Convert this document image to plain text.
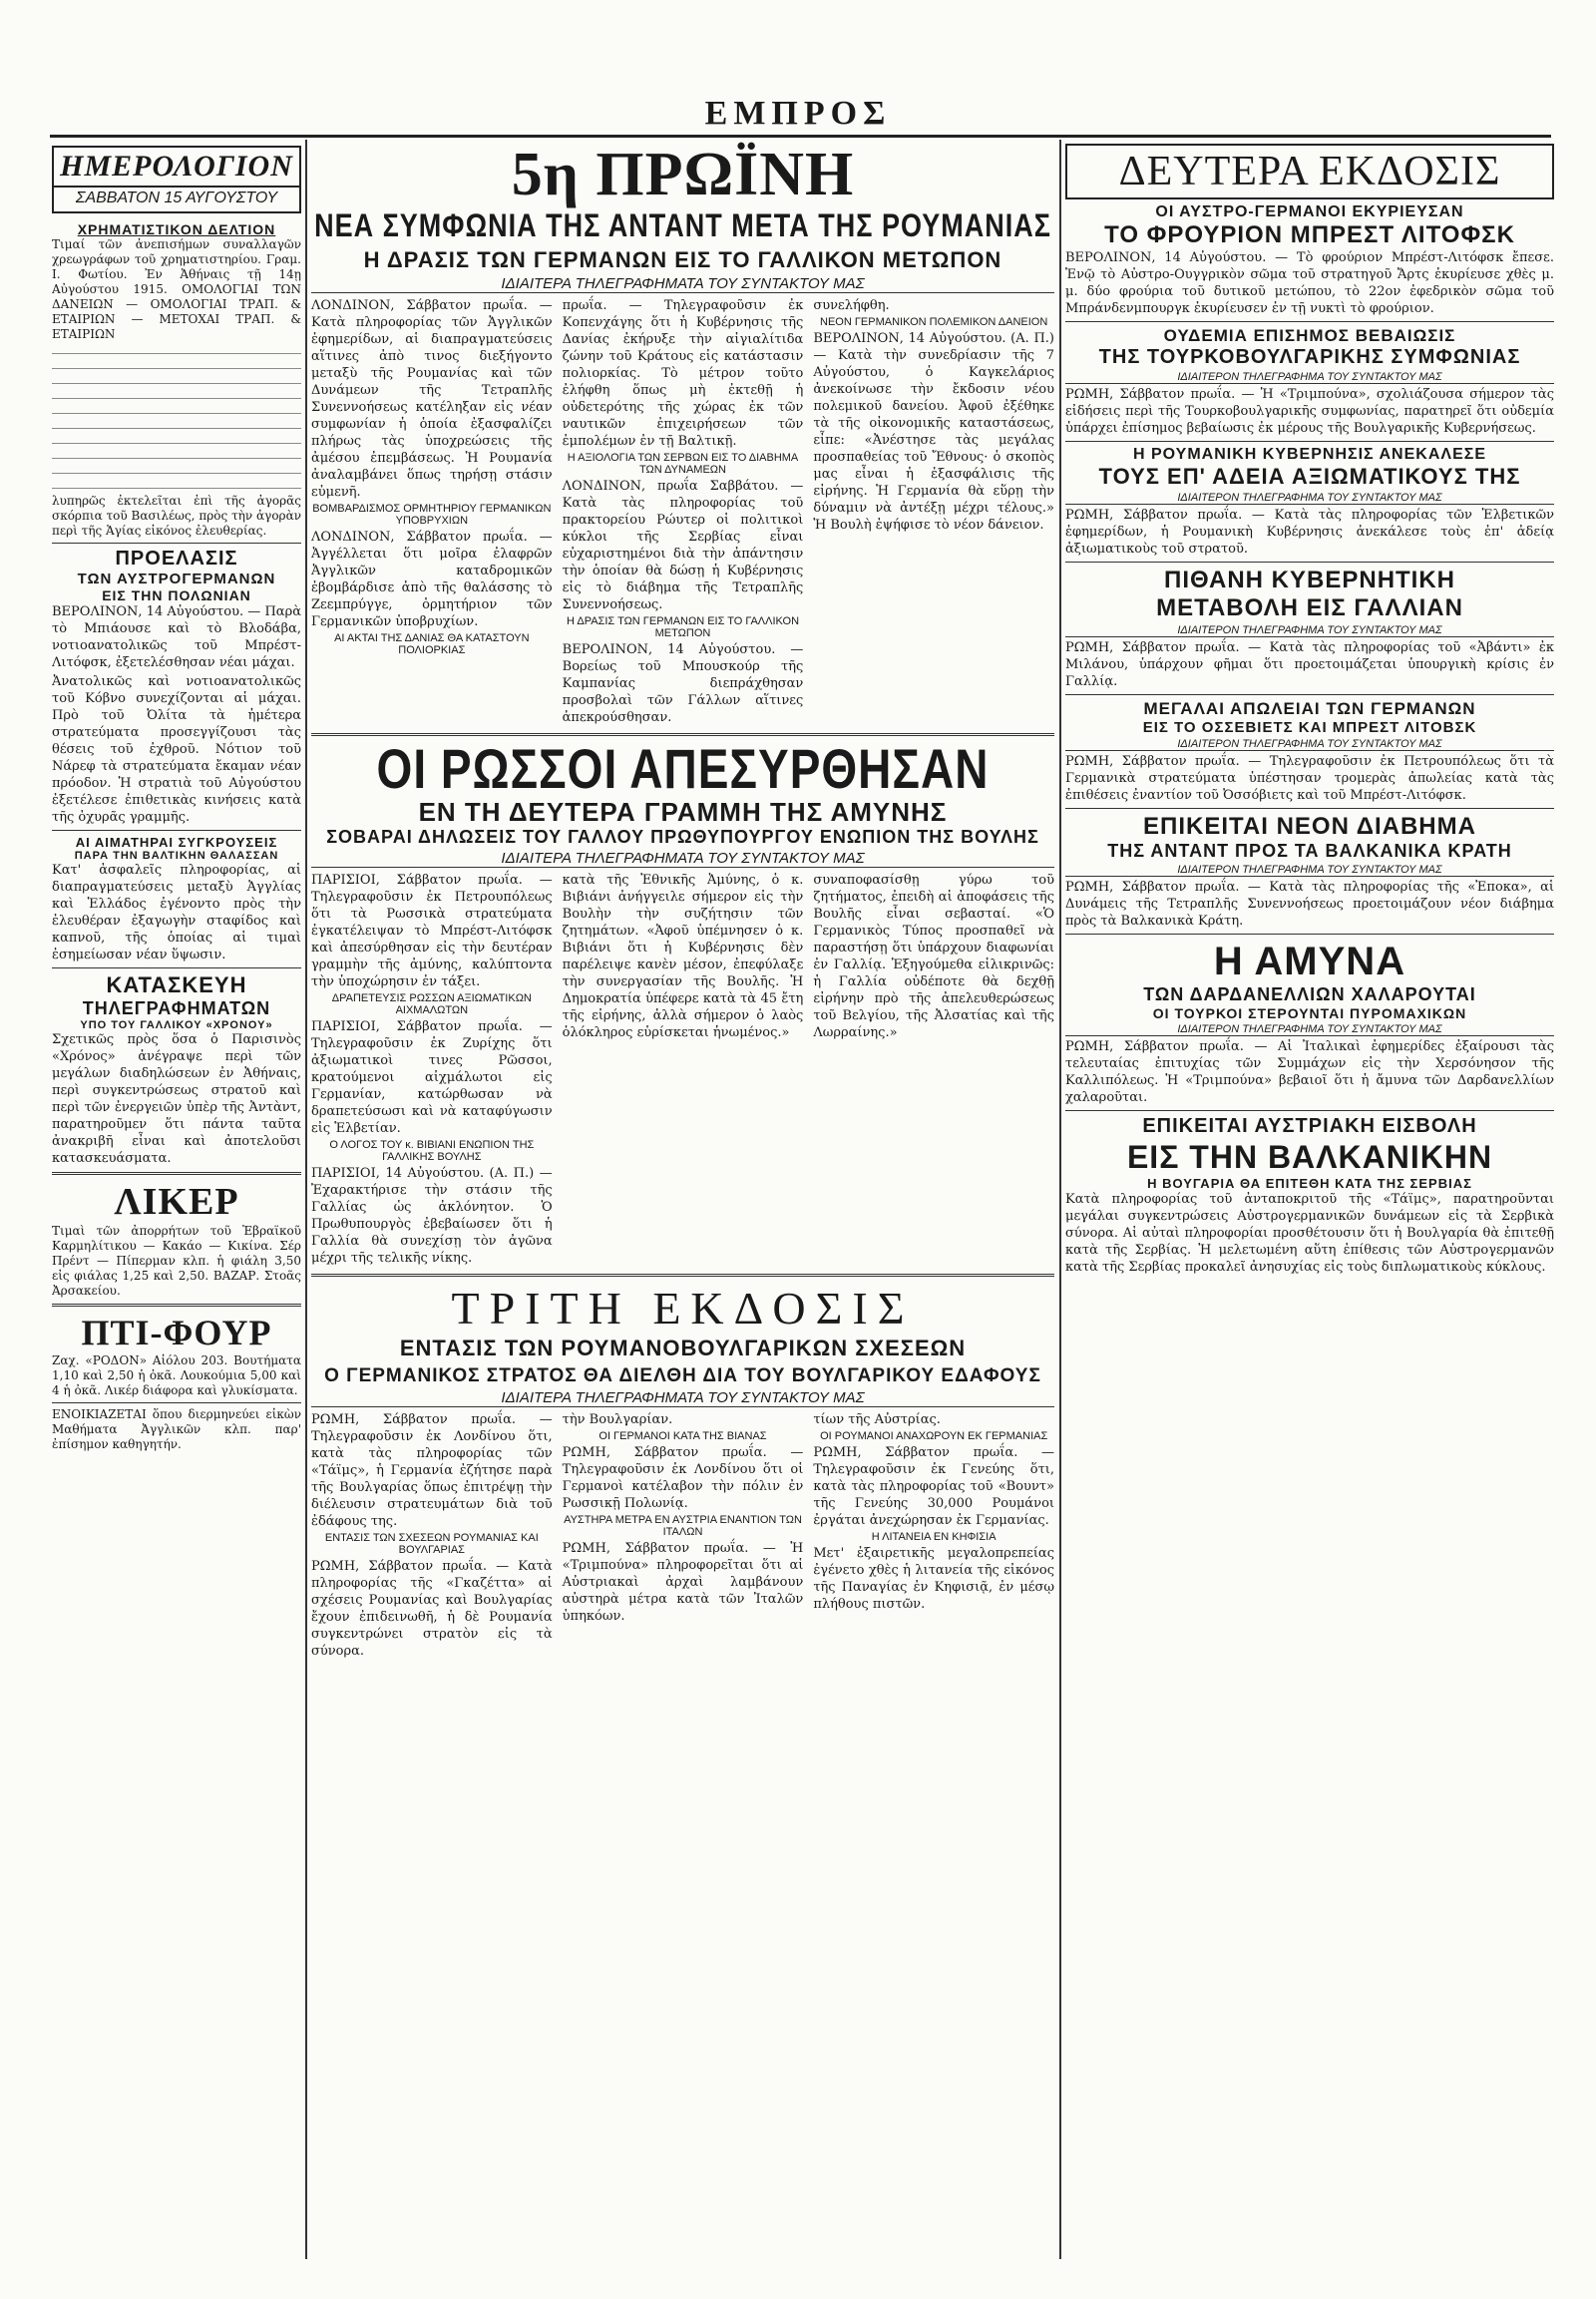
ΕΜΠΡΟΣ
ΗΜΕΡΟΛΟΓΙΟΝ
ΣΑΒΒΑΤΟΝ 15 ΑΥΓΟΥΣΤΟΥ
ΧΡΗΜΑΤΙΣΤΙΚΟΝ ΔΕΛΤΙΟΝ

Τιμαί τῶν ἀνεπισήμων συναλλαγῶν χρεωγράφων τοῦ χρηματιστηρίου. Γραμ. Ι. Φωτίου. Ἐν Ἀθήναις τῇ 14ῃ Αὐγούστου 1915. ΟΜΟΛΟΓΙΑΙ ΤΩΝ ΔΑΝΕΙΩΝ — ΟΜΟΛΟΓΙΑΙ ΤΡΑΠ. & ΕΤΑΙΡΙΩΝ — ΜΕΤΟΧΑΙ ΤΡΑΠ. & ΕΤΑΙΡΙΩΝ

λυπηρῶς ἐκτελεῖται ἐπὶ τῆς ἀγορᾶς σκόρπια τοῦ Βασιλέως, πρὸς τὴν ἀγορὰν περὶ τῆς Ἁγίας εἰκόνος ἐλευθερίας.

ΠΡΟΕΛΑΣΙΣ
ΤΩΝ ΑΥΣΤΡΟΓΕΡΜΑΝΩΝ
ΕΙΣ ΤΗΝ ΠΟΛΩΝΙΑΝ

ΒΕΡΟΛΙΝΟΝ, 14 Αὐγούστου. — Παρὰ τὸ Μπιάουσε καὶ τὸ Βλοδάβα, νοτιοανατολικῶς τοῦ Μπρέστ-Λιτόφσκ, ἐξετελέσθησαν νέαι μάχαι.

Ἀνατολικῶς καὶ νοτιοανατολικῶς τοῦ Κόβνο συνεχίζονται αἱ μάχαι. Πρὸ τοῦ Ὀλίτα τὰ ἡμέτερα στρατεύματα προσεγγίζουσι τὰς θέσεις τοῦ ἐχθροῦ. Νότιον τοῦ Νάρεφ τὰ στρατεύματα ἔκαμαν νέαν πρόοδον. Ἡ στρατιὰ τοῦ Αὐγούστου ἐξετέλεσε ἐπιθετικὰς κινήσεις κατὰ τῆς ὀχυρᾶς γραμμῆς.

ΑΙ ΑΙΜΑΤΗΡΑΙ ΣΥΓΚΡΟΥΣΕΙΣ
ΠΑΡΑ ΤΗΝ ΒΑΛΤΙΚΗΝ ΘΑΛΑΣΣΑΝ

Κατ' ἀσφαλεῖς πληροφορίας, αἱ διαπραγματεύσεις μεταξὺ Ἀγγλίας καὶ Ἑλλάδος ἐγένοντο πρὸς τὴν ἐλευθέραν ἐξαγωγὴν σταφίδος καὶ καπνοῦ, τῆς ὁποίας αἱ τιμαὶ ἐσημείωσαν νέαν ὕψωσιν.

ΚΑΤΑΣΚΕΥΗ
ΤΗΛΕΓΡΑΦΗΜΑΤΩΝ
ΥΠΟ ΤΟΥ ΓΑΛΛΙΚΟΥ «ΧΡΟΝΟΥ»

Σχετικῶς πρὸς ὅσα ὁ Παρισινὸς «Χρόνος» ἀνέγραψε περὶ τῶν μεγάλων διαδηλώσεων ἐν Ἀθήναις, περὶ συγκεντρώσεως στρατοῦ καὶ περὶ τῶν ἐνεργειῶν ὑπὲρ τῆς Ἀντὰντ, παρατηροῦμεν ὅτι πάντα ταῦτα ἀνακριβῆ εἶναι καὶ ἀποτελοῦσι κατασκευάσματα.

ΛΙΚΕΡ

Τιμαὶ τῶν ἀπορρήτων τοῦ Ἑβραϊκοῦ Καρμηλίτικου — Κακάο — Κικίνα. Σέρ Πρέντ — Πίπερμαν κλπ. ἡ φιάλη 3,50 εἰς φιάλας 1,25 καὶ 2,50. ΒΑΖΑΡ. Στοᾶς Ἀρσακείου.

ΠΤΙ-ΦΟΥΡ

Ζαχ. «ΡΟΔΟΝ» Αἰόλου 203. Βουτήματα 1,10 καὶ 2,50 ἡ ὀκᾶ. Λουκούμια 5,00 καὶ 4 ἡ ὀκᾶ. Λικέρ διάφορα καὶ γλυκίσματα.

ΕΝΟΙΚΙΑΖΕΤΑΙ ὅπου διερμηνεύει εἰκὼν Μαθήματα Ἀγγλικῶν κλπ. παρ' ἐπίσημον καθηγητήν.

5η ΠΡΩΪΝΗ
ΝΕΑ ΣΥΜΦΩΝΙΑ ΤΗΣ ΑΝΤΑΝΤ ΜΕΤΑ ΤΗΣ ΡΟΥΜΑΝΙΑΣ
Η ΔΡΑΣΙΣ ΤΩΝ ΓΕΡΜΑΝΩΝ ΕΙΣ ΤΟ ΓΑΛΛΙΚΟΝ ΜΕΤΩΠΟΝ
ΙΔΙΑΙΤΕΡΑ ΤΗΛΕΓΡΑΦΗΜΑΤΑ ΤΟΥ ΣΥΝΤΑΚΤΟΥ ΜΑΣ

ΛΟΝΔΙΝΟΝ, Σάββατον πρωΐα. — Κατὰ πληροφορίας τῶν Ἀγγλικῶν ἐφημερίδων, αἱ διαπραγματεύσεις αἵτινες ἀπὸ τινος διεξήγοντο μεταξὺ τῆς Ρουμανίας καὶ τῶν Δυνάμεων τῆς Τετραπλῆς Συνεννοήσεως κατέληξαν εἰς νέαν συμφωνίαν ἡ ὁποία ἐξασφαλίζει πλήρως τὰς ὑποχρεώσεις τῆς ἀμέσου ἐπεμβάσεως. Ἡ Ρουμανία ἀναλαμβάνει ὅπως τηρήσῃ στάσιν εὐμενῆ.

ΒΟΜΒΑΡΔΙΣΜΟΣ ΟΡΜΗΤΗΡΙΟΥ ΓΕΡΜΑΝΙΚΩΝ ΥΠΟΒΡΥΧΙΩΝ

ΛΟΝΔΙΝΟΝ, Σάββατον πρωΐα. — Ἀγγέλλεται ὅτι μοῖρα ἐλαφρῶν Ἀγγλικῶν καταδρομικῶν ἐβομβάρδισε ἀπὸ τῆς θαλάσσης τὸ Ζεεμπρύγγε, ὁρμητήριον τῶν Γερμανικῶν ὑποβρυχίων.

ΑΙ ΑΚΤΑΙ ΤΗΣ ΔΑΝΙΑΣ ΘΑ ΚΑΤΑΣΤΟΥΝ ΠΟΛΙΟΡΚΙΑΣ

πρωΐα. — Τηλεγραφοῦσιν ἐκ Κοπενχάγης ὅτι ἡ Κυβέρνησις τῆς Δανίας ἐκήρυξε τὴν αἰγιαλίτιδα ζώνην τοῦ Κράτους εἰς κατάστασιν πολιορκίας. Τὸ μέτρον τοῦτο ἐλήφθη ὅπως μὴ ἐκτεθῇ ἡ οὐδετερότης τῆς χώρας ἐκ τῶν ναυτικῶν ἐπιχειρήσεων τῶν ἐμπολέμων ἐν τῇ Βαλτικῇ.

Η ΑΞΙΟΛΟΓΙΑ ΤΩΝ ΣΕΡΒΩΝ ΕΙΣ ΤΟ ΔΙΑΒΗΜΑ ΤΩΝ ΔΥΝΑΜΕΩΝ

ΛΟΝΔΙΝΟΝ, πρωΐα Σαββάτου. — Κατὰ τὰς πληροφορίας τοῦ πρακτορείου Ρώυτερ οἱ πολιτικοὶ κύκλοι τῆς Σερβίας εἶναι εὐχαριστημένοι διὰ τὴν ἀπάντησιν τὴν ὁποίαν θὰ δώσῃ ἡ Κυβέρνησις εἰς τὸ διάβημα τῆς Τετραπλῆς Συνεννοήσεως.

Η ΔΡΑΣΙΣ ΤΩΝ ΓΕΡΜΑΝΩΝ ΕΙΣ ΤΟ ΓΑΛΛΙΚΟΝ ΜΕΤΩΠΟΝ

ΒΕΡΟΛΙΝΟΝ, 14 Αὐγούστου. — Βορείως τοῦ Μπουσκούρ τῆς Καμπανίας διεπράχθησαν προσβολαὶ τῶν Γάλλων αἵτινες ἀπεκρούσθησαν.

συνελήφθη.

ΝΕΟΝ ΓΕΡΜΑΝΙΚΟΝ ΠΟΛΕΜΙΚΟΝ ΔΑΝΕΙΟΝ

ΒΕΡΟΛΙΝΟΝ, 14 Αὐγούστου. (Α. Π.) — Κατὰ τὴν συνεδρίασιν τῆς 7 Αὐγούστου, ὁ Καγκελάριος ἀνεκοίνωσε τὴν ἔκδοσιν νέου πολεμικοῦ δανείου. Ἀφοῦ ἐξέθηκε τὰ τῆς οἰκονομικῆς καταστάσεως, εἶπε: «Ἀνέστησε τὰς μεγάλας προσπαθείας τοῦ Ἔθνους· ὁ σκοπὸς μας εἶναι ἡ ἐξασφάλισις τῆς εἰρήνης. Ἡ Γερμανία θὰ εὕρῃ τὴν δύναμιν νὰ ἀντέξῃ μέχρι τέλους.» Ἡ Βουλὴ ἐψήφισε τὸ νέον δάνειον.

ΟΙ ΡΩΣΣΟΙ ΑΠΕΣΥΡΘΗΣΑΝ
ΕΝ ΤΗ ΔΕΥΤΕΡΑ ΓΡΑΜΜΗ ΤΗΣ ΑΜΥΝΗΣ
ΣΟΒΑΡΑΙ ΔΗΛΩΣΕΙΣ ΤΟΥ ΓΑΛΛΟΥ ΠΡΩΘΥΠΟΥΡΓΟΥ ΕΝΩΠΙΟΝ ΤΗΣ ΒΟΥΛΗΣ
ΙΔΙΑΙΤΕΡΑ ΤΗΛΕΓΡΑΦΗΜΑΤΑ ΤΟΥ ΣΥΝΤΑΚΤΟΥ ΜΑΣ

ΠΑΡΙΣΙΟΙ, Σάββατον πρωΐα. — Τηλεγραφοῦσιν ἐκ Πετρουπόλεως ὅτι τὰ Ρωσσικὰ στρατεύματα ἐγκατέλειψαν τὸ Μπρέστ-Λιτόφσκ καὶ ἀπεσύρθησαν εἰς τὴν δευτέραν γραμμὴν τῆς ἀμύνης, καλύπτοντα τὴν ὑποχώρησιν ἐν τάξει.

ΔΡΑΠΕΤΕΥΣΙΣ ΡΩΣΣΩΝ ΑΞΙΩΜΑΤΙΚΩΝ ΑΙΧΜΑΛΩΤΩΝ

ΠΑΡΙΣΙΟΙ, Σάββατον πρωΐα. — Τηλεγραφοῦσιν ἐκ Ζυρίχης ὅτι ἀξιωματικοὶ τινες Ρῶσσοι, κρατούμενοι αἰχμάλωτοι εἰς Γερμανίαν, κατώρθωσαν νὰ δραπετεύσωσι καὶ νὰ καταφύγωσιν εἰς Ἑλβετίαν.

Ο ΛΟΓΟΣ ΤΟΥ κ. ΒΙΒΙΑΝΙ ΕΝΩΠΙΟΝ ΤΗΣ ΓΑΛΛΙΚΗΣ ΒΟΥΛΗΣ

ΠΑΡΙΣΙΟΙ, 14 Αὐγούστου. (Α. Π.) — Ἐχαρακτήρισε τὴν στάσιν τῆς Γαλλίας ὡς ἀκλόνητον. Ὁ Πρωθυπουργὸς ἐβεβαίωσεν ὅτι ἡ Γαλλία θὰ συνεχίσῃ τὸν ἀγῶνα μέχρι τῆς τελικῆς νίκης.

κατὰ τῆς Ἐθνικῆς Ἀμύνης, ὁ κ. Βιβιάνι ἀνήγγειλε σήμερον εἰς τὴν Βουλὴν τὴν συζήτησιν τῶν ζητημάτων. «Ἀφοῦ ὑπέμνησεν ὁ κ. Βιβιάνι ὅτι ἡ Κυβέρνησις δὲν παρέλειψε κανὲν μέσον, ἐπεφύλαξε τὴν συνεργασίαν τῆς Βουλῆς. Ἡ Δημοκρατία ὑπέφερε κατὰ τὰ 45 ἔτη τῆς εἰρήνης, ἀλλὰ σήμερον ὁ λαὸς ὁλόκληρος εὑρίσκεται ἡνωμένος.»

συναποφασίσθῃ γύρω τοῦ ζητήματος, ἐπειδὴ αἱ ἀποφάσεις τῆς Βουλῆς εἶναι σεβασταί. «Ὁ Γερμανικὸς Τύπος προσπαθεῖ νὰ παραστήσῃ ὅτι ὑπάρχουν διαφωνίαι ἐν Γαλλίᾳ. Ἐξηγούμεθα εἰλικρινῶς: ἡ Γαλλία οὐδέποτε θὰ δεχθῇ εἰρήνην πρὸ τῆς ἀπελευθερώσεως τοῦ Βελγίου, τῆς Ἀλσατίας καὶ τῆς Λωρραίνης.»

ΤΡΙΤΗ ΕΚΔΟΣΙΣ
ΕΝΤΑΣΙΣ ΤΩΝ ΡΟΥΜΑΝΟΒΟΥΛΓΑΡΙΚΩΝ ΣΧΕΣΕΩΝ
Ο ΓΕΡΜΑΝΙΚΟΣ ΣΤΡΑΤΟΣ ΘΑ ΔΙΕΛΘΗ ΔΙΑ ΤΟΥ ΒΟΥΛΓΑΡΙΚΟΥ ΕΔΑΦΟΥΣ
ΙΔΙΑΙΤΕΡΑ ΤΗΛΕΓΡΑΦΗΜΑΤΑ ΤΟΥ ΣΥΝΤΑΚΤΟΥ ΜΑΣ

ΡΩΜΗ, Σάββατον πρωΐα. — Τηλεγραφοῦσιν ἐκ Λονδίνου ὅτι, κατὰ τὰς πληροφορίας τῶν «Τάϊμς», ἡ Γερμανία ἐζήτησε παρὰ τῆς Βουλγαρίας ὅπως ἐπιτρέψῃ τὴν διέλευσιν στρατευμάτων διὰ τοῦ ἐδάφους της.

ΕΝΤΑΣΙΣ ΤΩΝ ΣΧΕΣΕΩΝ ΡΟΥΜΑΝΙΑΣ ΚΑΙ ΒΟΥΛΓΑΡΙΑΣ

ΡΩΜΗ, Σάββατον πρωΐα. — Κατὰ πληροφορίας τῆς «Γκαζέττα» αἱ σχέσεις Ρουμανίας καὶ Βουλγαρίας ἔχουν ἐπιδεινωθῆ, ἡ δὲ Ρουμανία συγκεντρώνει στρατὸν εἰς τὰ σύνορα.

τὴν Βουλγαρίαν.

ΟΙ ΓΕΡΜΑΝΟΙ ΚΑΤΑ ΤΗΣ ΒΙΑΝΑΣ

ΡΩΜΗ, Σάββατον πρωΐα. — Τηλεγραφοῦσιν ἐκ Λονδίνου ὅτι οἱ Γερμανοὶ κατέλαβον τὴν πόλιν ἐν Ρωσσικῇ Πολωνίᾳ.

ΑΥΣΤΗΡΑ ΜΕΤΡΑ ΕΝ ΑΥΣΤΡΙΑ ΕΝΑΝΤΙΟΝ ΤΩΝ ΙΤΑΛΩΝ

ΡΩΜΗ, Σάββατον πρωΐα. — Ἡ «Τριμπούνα» πληροφορεῖται ὅτι αἱ Αὐστριακαὶ ἀρχαὶ λαμβάνουν αὐστηρὰ μέτρα κατὰ τῶν Ἰταλῶν ὑπηκόων.

τίων τῆς Αὐστρίας.

ΟΙ ΡΟΥΜΑΝΟΙ ΑΝΑΧΩΡΟΥΝ ΕΚ ΓΕΡΜΑΝΙΑΣ

ΡΩΜΗ, Σάββατον πρωΐα. — Τηλεγραφοῦσιν ἐκ Γενεύης ὅτι, κατὰ τὰς πληροφορίας τοῦ «Βουντ» τῆς Γενεύης 30,000 Ρουμάνοι ἐργάται ἀνεχώρησαν ἐκ Γερμανίας.

Η ΛΙΤΑΝΕΙΑ ΕΝ ΚΗΦΙΣΙΑ

Μετ' ἐξαιρετικῆς μεγαλοπρεπείας ἐγένετο χθὲς ἡ λιτανεία τῆς εἰκόνος τῆς Παναγίας ἐν Κηφισιᾷ, ἐν μέσῳ πλήθους πιστῶν.

ΔΕΥΤΕΡΑ ΕΚΔΟΣΙΣ
ΟΙ ΑΥΣΤΡΟ-ΓΕΡΜΑΝΟΙ ΕΚΥΡΙΕΥΣΑΝ
ΤΟ ΦΡΟΥΡΙΟΝ ΜΠΡΕΣΤ ΛΙΤΟΦΣΚ

ΒΕΡΟΛΙΝΟΝ, 14 Αὐγούστου. — Τὸ φρούριον Μπρέστ-Λιτόφσκ ἔπεσε. Ἐνῷ τὸ Αὐστρο-Ουγγρικὸν σῶμα τοῦ στρατηγοῦ Ἄρτς ἐκυρίευσε χθὲς μ. μ. δύο φρούρια τοῦ δυτικοῦ μετώπου, τὸ 22ον ἐφεδρικὸν σῶμα τοῦ Μπράνδενμπουργκ ἐκυρίευσεν ἐν τῇ νυκτὶ τὸ φρούριον.

ΟΥΔΕΜΙΑ ΕΠΙΣΗΜΟΣ ΒΕΒΑΙΩΣΙΣ
ΤΗΣ ΤΟΥΡΚΟΒΟΥΛΓΑΡΙΚΗΣ ΣΥΜΦΩΝΙΑΣ
ΙΔΙΑΙΤΕΡΟΝ ΤΗΛΕΓΡΑΦΗΜΑ ΤΟΥ ΣΥΝΤΑΚΤΟΥ ΜΑΣ

ΡΩΜΗ, Σάββατον πρωΐα. — Ἡ «Τριμπούνα», σχολιάζουσα σήμερον τὰς εἰδήσεις περὶ τῆς Τουρκοβουλγαρικῆς συμφωνίας, παρατηρεῖ ὅτι οὐδεμία ὑπάρχει ἐπίσημος βεβαίωσις ἐκ μέρους τῆς Βουλγαρικῆς Κυβερνήσεως.

Η ΡΟΥΜΑΝΙΚΗ ΚΥΒΕΡΝΗΣΙΣ ΑΝΕΚΑΛΕΣΕ
ΤΟΥΣ ΕΠ' ΑΔΕΙΑ ΑΞΙΩΜΑΤΙΚΟΥΣ ΤΗΣ
ΙΔΙΑΙΤΕΡΟΝ ΤΗΛΕΓΡΑΦΗΜΑ ΤΟΥ ΣΥΝΤΑΚΤΟΥ ΜΑΣ

ΡΩΜΗ, Σάββατον πρωΐα. — Κατὰ τὰς πληροφορίας τῶν Ἑλβετικῶν ἐφημερίδων, ἡ Ρουμανικὴ Κυβέρνησις ἀνεκάλεσε τοὺς ἐπ' ἀδείᾳ ἀξιωματικοὺς τοῦ στρατοῦ.

ΠΙΘΑΝΗ ΚΥΒΕΡΝΗΤΙΚΗ
ΜΕΤΑΒΟΛΗ ΕΙΣ ΓΑΛΛΙΑΝ
ΙΔΙΑΙΤΕΡΟΝ ΤΗΛΕΓΡΑΦΗΜΑ ΤΟΥ ΣΥΝΤΑΚΤΟΥ ΜΑΣ

ΡΩΜΗ, Σάββατον πρωΐα. — Κατὰ τὰς πληροφορίας τοῦ «Ἀβάντι» ἐκ Μιλάνου, ὑπάρχουν φῆμαι ὅτι προετοιμάζεται ὑπουργικὴ κρίσις ἐν Γαλλίᾳ.

ΜΕΓΑΛΑΙ ΑΠΩΛΕΙΑΙ ΤΩΝ ΓΕΡΜΑΝΩΝ
ΕΙΣ ΤΟ ΟΣΣΕΒΙΕΤΣ ΚΑΙ ΜΠΡΕΣΤ ΛΙΤΟΒΣΚ
ΙΔΙΑΙΤΕΡΟΝ ΤΗΛΕΓΡΑΦΗΜΑ ΤΟΥ ΣΥΝΤΑΚΤΟΥ ΜΑΣ

ΡΩΜΗ, Σάββατον πρωΐα. — Τηλεγραφοῦσιν ἐκ Πετρουπόλεως ὅτι τὰ Γερμανικὰ στρατεύματα ὑπέστησαν τρομερὰς ἀπωλείας κατὰ τὰς ἐπιθέσεις ἐναντίον τοῦ Ὀσσόβιετς καὶ τοῦ Μπρέστ-Λιτόφσκ.

ΕΠΙΚΕΙΤΑΙ ΝΕΟΝ ΔΙΑΒΗΜΑ
ΤΗΣ ΑΝΤΑΝΤ ΠΡΟΣ ΤΑ ΒΑΛΚΑΝΙΚΑ ΚΡΑΤΗ
ΙΔΙΑΙΤΕΡΟΝ ΤΗΛΕΓΡΑΦΗΜΑ ΤΟΥ ΣΥΝΤΑΚΤΟΥ ΜΑΣ

ΡΩΜΗ, Σάββατον πρωΐα. — Κατὰ τὰς πληροφορίας τῆς «Ἐποκα», αἱ Δυνάμεις τῆς Τετραπλῆς Συνεννοήσεως προετοιμάζουν νέον διάβημα πρὸς τὰ Βαλκανικὰ Κράτη.

Η ΑΜΥΝΑ
ΤΩΝ ΔΑΡΔΑΝΕΛΛΙΩΝ ΧΑΛΑΡΟΥΤΑΙ
ΟΙ ΤΟΥΡΚΟΙ ΣΤΕΡΟΥΝΤΑΙ ΠΥΡΟΜΑΧΙΚΩΝ
ΙΔΙΑΙΤΕΡΟΝ ΤΗΛΕΓΡΑΦΗΜΑ ΤΟΥ ΣΥΝΤΑΚΤΟΥ ΜΑΣ

ΡΩΜΗ, Σάββατον πρωΐα. — Αἱ Ἰταλικαὶ ἐφημερίδες ἐξαίρουσι τὰς τελευταίας ἐπιτυχίας τῶν Συμμάχων εἰς τὴν Χερσόνησον τῆς Καλλιπόλεως. Ἡ «Τριμπούνα» βεβαιοῖ ὅτι ἡ ἄμυνα τῶν Δαρδανελλίων χαλαροῦται.

ΕΠΙΚΕΙΤΑΙ ΑΥΣΤΡΙΑΚΗ ΕΙΣΒΟΛΗ
ΕΙΣ ΤΗΝ ΒΑΛΚΑΝΙΚΗΝ
Η ΒΟΥΓΑΡΙΑ ΘΑ ΕΠΙΤΕΘΗ ΚΑΤΑ ΤΗΣ ΣΕΡΒΙΑΣ

Κατὰ πληροφορίας τοῦ ἀνταποκριτοῦ τῆς «Τάϊμς», παρατηροῦνται μεγάλαι συγκεντρώσεις Αὐστρογερμανικῶν δυνάμεων εἰς τὰ Σερβικὰ σύνορα. Αἱ αὐταὶ πληροφορίαι προσθέτουσιν ὅτι ἡ Βουλγαρία θὰ ἐπιτεθῇ κατὰ τῆς Σερβίας. Ἡ μελετωμένη αὕτη ἐπίθεσις τῶν Αὐστρογερμανῶν κατὰ τῆς Σερβίας προκαλεῖ ἀνησυχίας εἰς τοὺς διπλωματικοὺς κύκλους.
